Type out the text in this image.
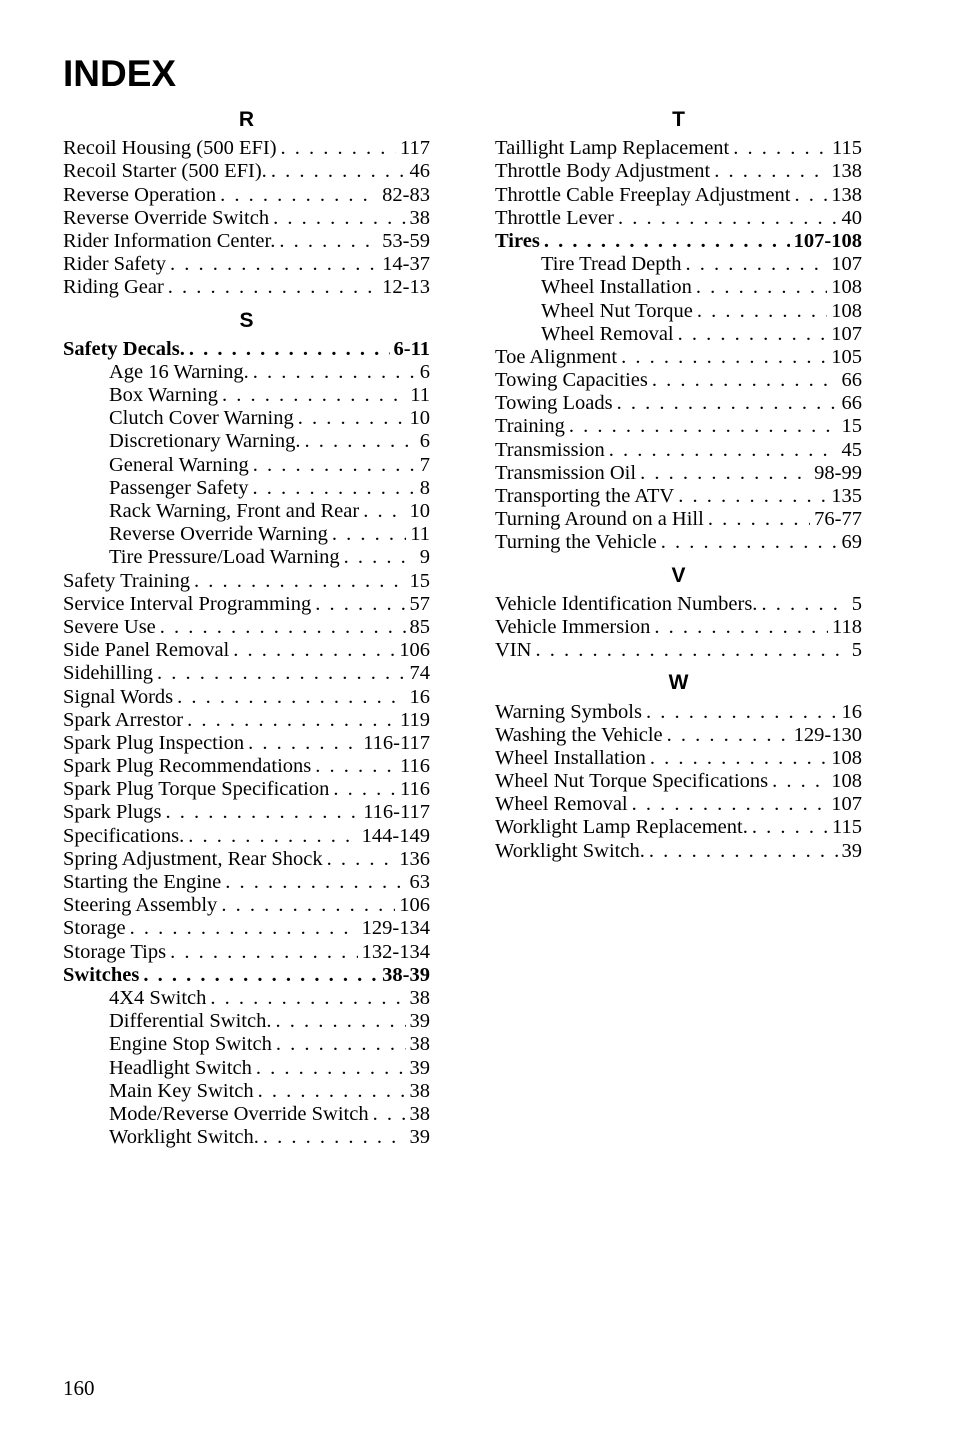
INDEX
R
Recoil Housing (500 EFI) . . .	117
Recoil Starter (500 EFI). . . .	46
Reverse Operation . . .	82-83
Reverse Override Switch . . .	38
Rider Information Center. . . .	53-59
Rider Safety . . .	14-37
Riding Gear . . .	12-13
S
Safety Decals. . . .	6-11
Age 16 Warning. . . .	6
Box Warning . . .	11
Clutch Cover Warning . . .	10
Discretionary Warning. . . .	6
General Warning . . .	7
Passenger Safety . . .	8
Rack Warning, Front and Rear . . . 10
Reverse Override Warning . . .	11
Tire Pressure/Load Warning . . .	9
Safety Training . . .	15
Service Interval Programming . . .	57
Severe Use . . .	85
Side Panel Removal . . .	106
Sidehilling . . .	74
Signal Words . . .	16
Spark Arrestor . . .	119
Spark Plug Inspection . . .	116-117
Spark Plug Recommendations . . .	116
Spark Plug Torque Specification . . .	116
Spark Plugs . . .	116-117
Specifications. . . .	144-149
Spring Adjustment, Rear Shock . . .	136
Starting the Engine . . .	63
Steering Assembly . . .	106
Storage . . .	129-134
Storage Tips . . .	132-134
Switches . . .	38-39
4X4 Switch . . .	38
Differential Switch. . . .	39
Engine Stop Switch . . .	38
Headlight Switch . . .	39
Main Key Switch . . .	38
Mode/Reverse Override Switch . . . 38
Worklight Switch. . . .	39
T
Taillight Lamp Replacement . . .	115
Throttle Body Adjustment . . .	138
Throttle Cable Freeplay Adjustment . . . 138
Throttle Lever . . .	40
Tires . . .	107-108
Tire Tread Depth . . .	107
Wheel Installation . . .	108
Wheel Nut Torque . . .	108
Wheel Removal . . .	107
Toe Alignment . . .	105
Towing Capacities . . .	66
Towing Loads . . .	66
Training . . .	15
Transmission . . .	45
Transmission Oil . . .	98-99
Transporting the ATV . . .	135
Turning Around on a Hill . . .	76-77
Turning the Vehicle . . .	69
V
Vehicle Identification Numbers. . . .	5
Vehicle Immersion . . .	118
VIN . . .	5
W
Warning Symbols . . .	16
Washing the Vehicle . . .	129-130
Wheel Installation . . .	108
Wheel Nut Torque Specifications . . .	108
Wheel Removal . . .	107
Worklight Lamp Replacement. . . .	115
Worklight Switch. . . .	39
160
